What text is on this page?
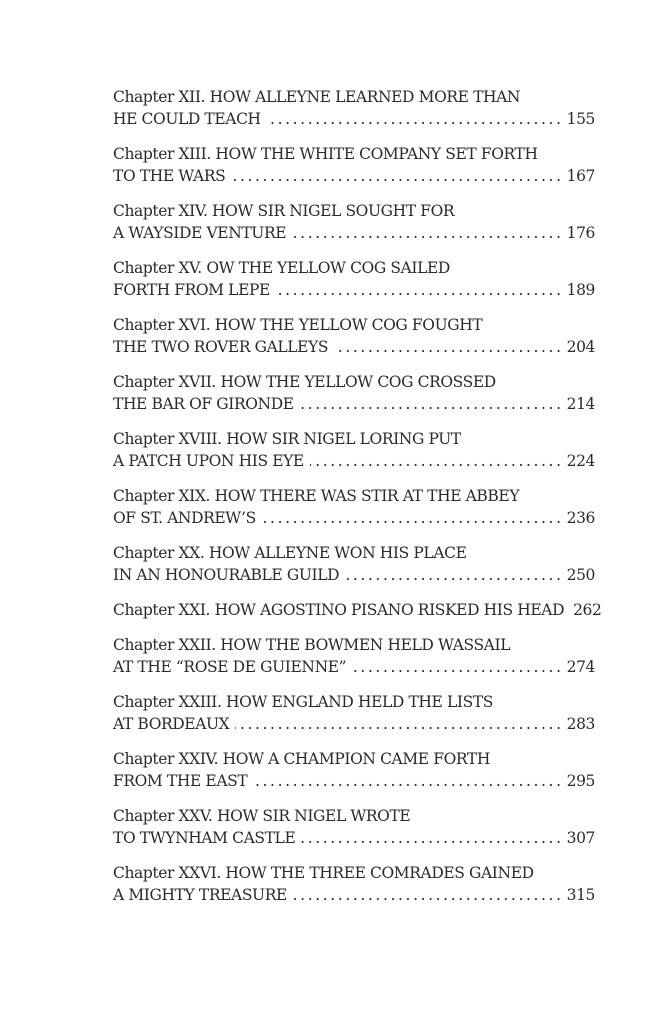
Chapter XII. HOW ALLEYNE LEARNED MORE THAN
HE COULD TEACH .....	155
Chapter XIII. HOW THE WHITE COMPANY SET FORTH
TO THE WARS .....	167
Chapter XIV. HOW SIR NIGEL SOUGHT FOR
A WAYSIDE VENTURE .....	176
Chapter XV. OW THE YELLOW COG SAILED
FORTH FROM LEPE .....	189
Chapter XVI. HOW THE YELLOW COG FOUGHT
THE TWO ROVER GALLEYS .....	204
Chapter XVII. HOW THE YELLOW COG CROSSED
THE BAR OF GIRONDE .....	214
Chapter XVIII. HOW SIR NIGEL LORING PUT
A PATCH UPON HIS EYE .....	224
Chapter XIX. HOW THERE WAS STIR AT THE ABBEY
OF ST. ANDREW’S .....	236
Chapter XX. HOW ALLEYNE WON HIS PLACE
IN AN HONOURABLE GUILD .....	250
Chapter XXI. HOW AGOSTINO PISANO RISKED HIS HEAD 262
Chapter XXII. HOW THE BOWMEN HELD WASSAIL
AT THE “ROSE DE GUIENNE” .....	274
Chapter XXIII. HOW ENGLAND HELD THE LISTS
AT BORDEAUX .....	283
Chapter XXIV. HOW A CHAMPION CAME FORTH
FROM THE EAST .....	295
Chapter XXV. HOW SIR NIGEL WROTE
TO TWYNHAM CASTLE .....	307
Chapter XXVI. HOW THE THREE COMRADES GAINED
A MIGHTY TREASURE .....	315
